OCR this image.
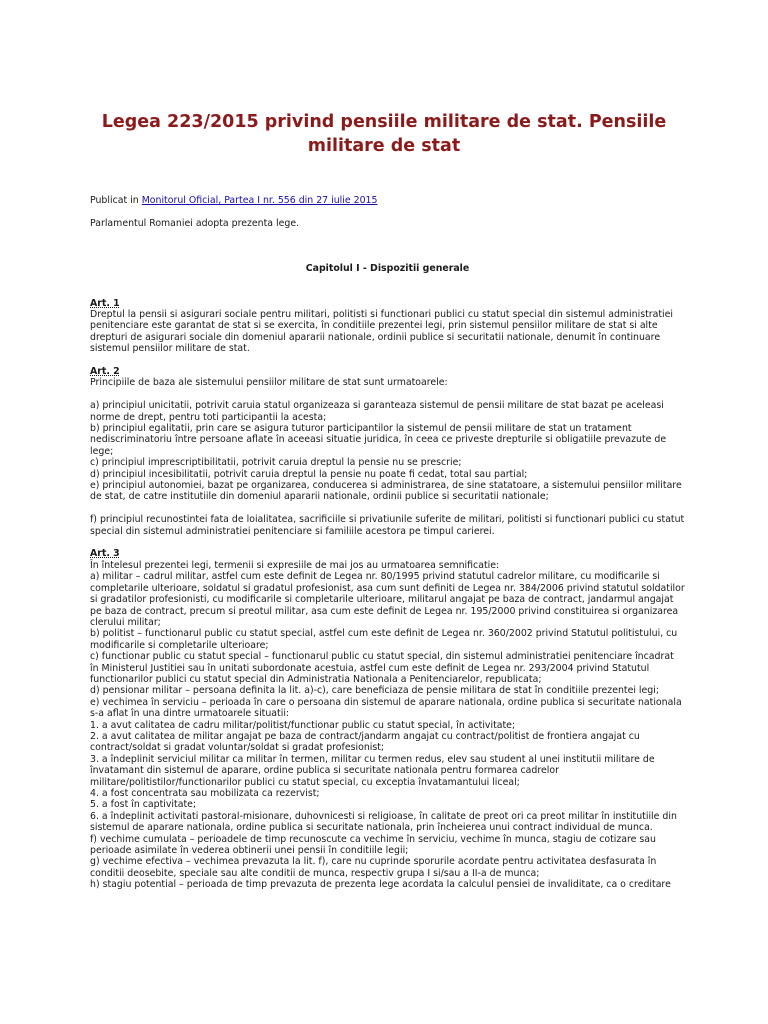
Legea 223/2015 privind pensiile militare de stat. Pensiile militare de stat

Publicat in Monitorul Oficial, Partea I nr. 556 din 27 iulie 2015

Parlamentul Romaniei adopta prezenta lege.

Capitolul I - Dispozitii generale

Art. 1

Dreptul la pensii si asigurari sociale pentru militari, politisti si functionari publici cu statut special din sistemul administratiei penitenciare este garantat de stat si se exercita, în conditiile prezentei legi, prin sistemul pensiilor militare de stat si alte drepturi de asigurari sociale din domeniul apararii nationale, ordinii publice si securitatii nationale, denumit în continuare sistemul pensiilor militare de stat.

Art. 2

Principiile de baza ale sistemului pensiilor militare de stat sunt urmatoarele:

a) principiul unicitatii, potrivit caruia statul organizeaza si garanteaza sistemul de pensii militare de stat bazat pe aceleasi norme de drept, pentru toti participantii la acesta;

b) principiul egalitatii, prin care se asigura tuturor participantilor la sistemul de pensii militare de stat un tratament nediscriminatoriu între persoane aflate în aceeasi situatie juridica, în ceea ce priveste drepturile si obligatiile prevazute de lege;

c) principiul imprescriptibilitatii, potrivit caruia dreptul la pensie nu se prescrie;

d) principiul incesibilitatii, potrivit caruia dreptul la pensie nu poate fi cedat, total sau partial;

e) principiul autonomiei, bazat pe organizarea, conducerea si administrarea, de sine statatoare, a sistemului pensiilor militare de stat, de catre institutiile din domeniul apararii nationale, ordinii publice si securitatii nationale;

f) principiul recunostintei fata de loialitatea, sacrificiile si privatiunile suferite de militari, politisti si functionari publici cu statut special din sistemul administratiei penitenciare si familiile acestora pe timpul carierei.

Art. 3

În întelesul prezentei legi, termenii si expresiile de mai jos au urmatoarea semnificatie:

a) militar – cadrul militar, astfel cum este definit de Legea nr. 80/1995 privind statutul cadrelor militare, cu modificarile si completarile ulterioare, soldatul si gradatul profesionist, asa cum sunt definiti de Legea nr. 384/2006 privind statutul soldatilor si gradatilor profesionisti, cu modificarile si completarile ulterioare, militarul angajat pe baza de contract, jandarmul angajat pe baza de contract, precum si preotul militar, asa cum este definit de Legea nr. 195/2000 privind constituirea si organizarea clerului militar;

b) politist – functionarul public cu statut special, astfel cum este definit de Legea nr. 360/2002 privind Statutul politistului, cu modificarile si completarile ulterioare;

c) functionar public cu statut special – functionarul public cu statut special, din sistemul administratiei penitenciare încadrat în Ministerul Justitiei sau în unitati subordonate acestuia, astfel cum este definit de Legea nr. 293/2004 privind Statutul functionarilor publici cu statut special din Administratia Nationala a Penitenciarelor, republicata;

d) pensionar militar – persoana definita la lit. a)-c), care beneficiaza de pensie militara de stat în conditiile prezentei legi;

e) vechimea în serviciu – perioada în care o persoana din sistemul de aparare nationala, ordine publica si securitate nationala s-a aflat în una dintre urmatoarele situatii:

1. a avut calitatea de cadru militar/politist/functionar public cu statut special, în activitate;

2. a avut calitatea de militar angajat pe baza de contract/jandarm angajat cu contract/politist de frontiera angajat cu contract/soldat si gradat voluntar/soldat si gradat profesionist;

3. a îndeplinit serviciul militar ca militar în termen, militar cu termen redus, elev sau student al unei institutii militare de învatamant din sistemul de aparare, ordine publica si securitate nationala pentru formarea cadrelor militare/politistilor/functionarilor publici cu statut special, cu exceptia învatamantului liceal;

4. a fost concentrata sau mobilizata ca rezervist;

5. a fost în captivitate;

6. a îndeplinit activitati pastoral-misionare, duhovnicesti si religioase, în calitate de preot ori ca preot militar în institutiile din sistemul de aparare nationala, ordine publica si securitate nationala, prin încheierea unui contract individual de munca.

f) vechime cumulata – perioadele de timp recunoscute ca vechime în serviciu, vechime în munca, stagiu de cotizare sau perioade asimilate în vederea obtinerii unei pensii în conditiile legii;

g) vechime efectiva – vechimea prevazuta la lit. f), care nu cuprinde sporurile acordate pentru activitatea desfasurata în conditii deosebite, speciale sau alte conditii de munca, respectiv grupa I si/sau a II-a de munca;

h) stagiu potential – perioada de timp prevazuta de prezenta lege acordata la calculul pensiei de invaliditate, ca o creditare
